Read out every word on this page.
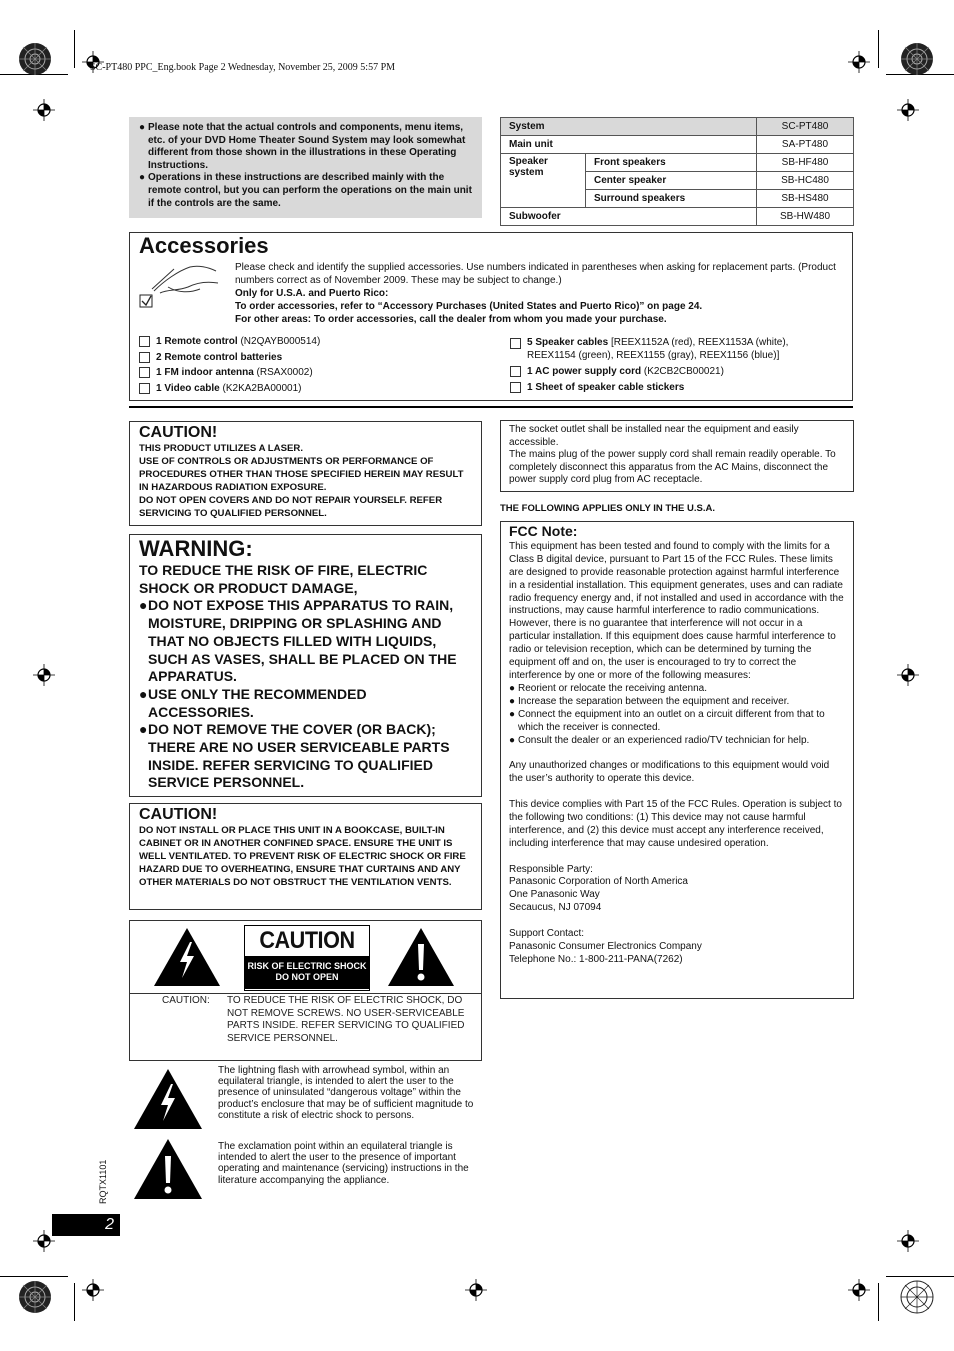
SC-PT480 PPC_Eng.book Page 2 Wednesday, November 25, 2009 5:57 PM
● Please note that the actual controls and components, menu items, etc. of your DVD Home Theater Sound System may look somewhat different from those shown in the illustrations in these Operating Instructions.
● Operations in these instructions are described mainly with the remote control, but you can perform the operations on the main unit if the controls are the same.
System		SC-PT480
Main unit		SA-PT480
Speaker system	Front speakers	SB-HF480
	Center speaker	SB-HC480
	Surround speakers	SB-HS480
Subwoofer		SB-HW480
Accessories
Please check and identify the supplied accessories. Use numbers indicated in parentheses when asking for replacement parts. (Product numbers correct as of November 2009. These may be subject to change.)
Only for U.S.A. and Puerto Rico:
To order accessories, refer to “Accessory Purchases (United States and Puerto Rico)” on page 24.
For other areas: To order accessories, call the dealer from whom you made your purchase.
1 Remote control (N2QAYB000514)
2 Remote control batteries
1 FM indoor antenna (RSAX0002)
1 Video cable (K2KA2BA00001)
5 Speaker cables [REEX1152A (red), REEX1153A (white), REEX1154 (green), REEX1155 (gray), REEX1156 (blue)]
1 AC power supply cord (K2CB2CB00021)
1 Sheet of speaker cable stickers
CAUTION!
THIS PRODUCT UTILIZES A LASER.
USE OF CONTROLS OR ADJUSTMENTS OR PERFORMANCE OF PROCEDURES OTHER THAN THOSE SPECIFIED HEREIN MAY RESULT IN HAZARDOUS RADIATION EXPOSURE.
DO NOT OPEN COVERS AND DO NOT REPAIR YOURSELF. REFER SERVICING TO QUALIFIED PERSONNEL.
WARNING:
TO REDUCE THE RISK OF FIRE, ELECTRIC SHOCK OR PRODUCT DAMAGE,
● DO NOT EXPOSE THIS APPARATUS TO RAIN, MOISTURE, DRIPPING OR SPLASHING AND THAT NO OBJECTS FILLED WITH LIQUIDS, SUCH AS VASES, SHALL BE PLACED ON THE APPARATUS.
● USE ONLY THE RECOMMENDED ACCESSORIES.
● DO NOT REMOVE THE COVER (OR BACK); THERE ARE NO USER SERVICEABLE PARTS INSIDE. REFER SERVICING TO QUALIFIED SERVICE PERSONNEL.
CAUTION!
DO NOT INSTALL OR PLACE THIS UNIT IN A BOOKCASE, BUILT-IN CABINET OR IN ANOTHER CONFINED SPACE. ENSURE THE UNIT IS WELL VENTILATED. TO PREVENT RISK OF ELECTRIC SHOCK OR FIRE HAZARD DUE TO OVERHEATING, ENSURE THAT CURTAINS AND ANY OTHER MATERIALS DO NOT OBSTRUCT THE VENTILATION VENTS.
CAUTION
RISK OF ELECTRIC SHOCK
DO NOT OPEN
CAUTION: TO REDUCE THE RISK OF ELECTRIC SHOCK, DO NOT REMOVE SCREWS. NO USER-SERVICEABLE PARTS INSIDE. REFER SERVICING TO QUALIFIED SERVICE PERSONNEL.
The lightning flash with arrowhead symbol, within an equilateral triangle, is intended to alert the user to the presence of uninsulated “dangerous voltage” within the product’s enclosure that may be of sufficient magnitude to constitute a risk of electric shock to persons.
The exclamation point within an equilateral triangle is intended to alert the user to the presence of important operating and maintenance (servicing) instructions in the literature accompanying the appliance.
The socket outlet shall be installed near the equipment and easily accessible.
The mains plug of the power supply cord shall remain readily operable. To completely disconnect this apparatus from the AC Mains, disconnect the power supply cord plug from AC receptacle.
THE FOLLOWING APPLIES ONLY IN THE U.S.A.
FCC Note:
This equipment has been tested and found to comply with the limits for a Class B digital device, pursuant to Part 15 of the FCC Rules. These limits are designed to provide reasonable protection against harmful interference in a residential installation. This equipment generates, uses and can radiate radio frequency energy and, if not installed and used in accordance with the instructions, may cause harmful interference to radio communications. However, there is no guarantee that interference will not occur in a particular installation. If this equipment does cause harmful interference to radio or television reception, which can be determined by turning the equipment off and on, the user is encouraged to try to correct the interference by one or more of the following measures:
● Reorient or relocate the receiving antenna.
● Increase the separation between the equipment and receiver.
● Connect the equipment into an outlet on a circuit different from that to which the receiver is connected.
● Consult the dealer or an experienced radio/TV technician for help.
Any unauthorized changes or modifications to this equipment would void the user’s authority to operate this device.
This device complies with Part 15 of the FCC Rules. Operation is subject to the following two conditions: (1) This device may not cause harmful interference, and (2) this device must accept any interference received, including interference that may cause undesired operation.
Responsible Party:
Panasonic Corporation of North America
One Panasonic Way
Secaucus, NJ 07094
Support Contact:
Panasonic Consumer Electronics Company
Telephone No.: 1-800-211-PANA(7262)
RQTX1101
2
